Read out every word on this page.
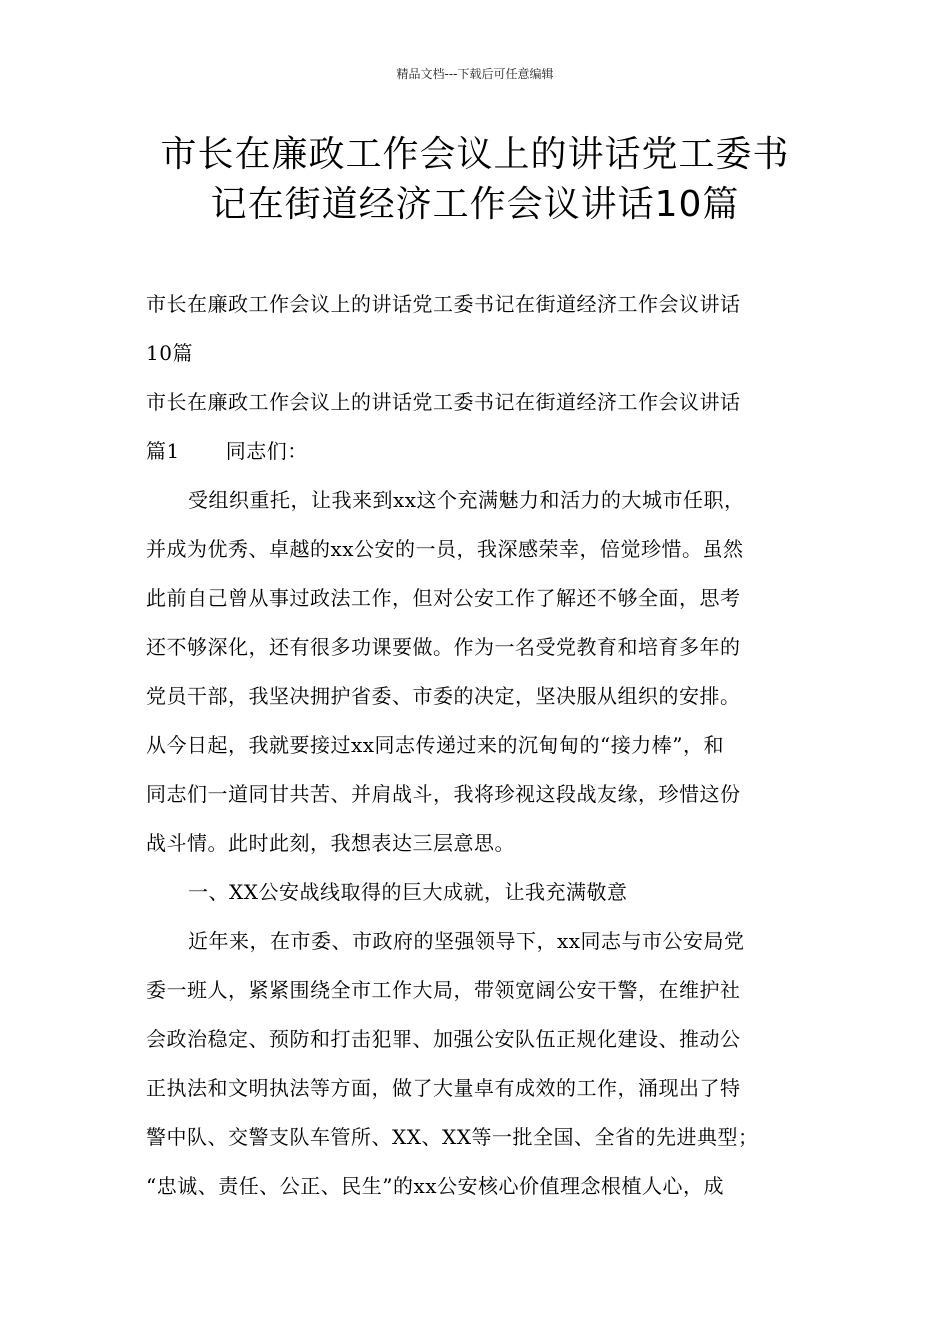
精品文档---下载后可任意编辑
市长在廉政工作会议上的讲话党工委书
记在街道经济工作会议讲话10篇
市长在廉政工作会议上的讲话党工委书记在街道经济工作会议讲话
10篇
市长在廉政工作会议上的讲话党工委书记在街道经济工作会议讲话
篇1 同志们：
受组织重托，让我来到xx这个充满魅力和活力的大城市任职，
并成为优秀、卓越的xx公安的一员，我深感荣幸，倍觉珍惜。虽然
此前自己曾从事过政法工作，但对公安工作了解还不够全面，思考
还不够深化，还有很多功课要做。作为一名受党教育和培育多年的
党员干部，我坚决拥护省委、市委的决定，坚决服从组织的安排。
从今日起，我就要接过xx同志传递过来的沉甸甸的“接力棒”，和
同志们一道同甘共苦、并肩战斗，我将珍视这段战友缘，珍惜这份
战斗情。此时此刻，我想表达三层意思。
一、XX公安战线取得的巨大成就，让我充满敬意
近年来，在市委、市政府的坚强领导下，xx同志与市公安局党
委一班人，紧紧围绕全市工作大局，带领宽阔公安干警，在维护社
会政治稳定、预防和打击犯罪、加强公安队伍正规化建设、推动公
正执法和文明执法等方面，做了大量卓有成效的工作，涌现出了特
警中队、交警支队车管所、XX、XX等一批全国、全省的先进典型；
“忠诚、责任、公正、民生”的xx公安核心价值理念根植人心，成
